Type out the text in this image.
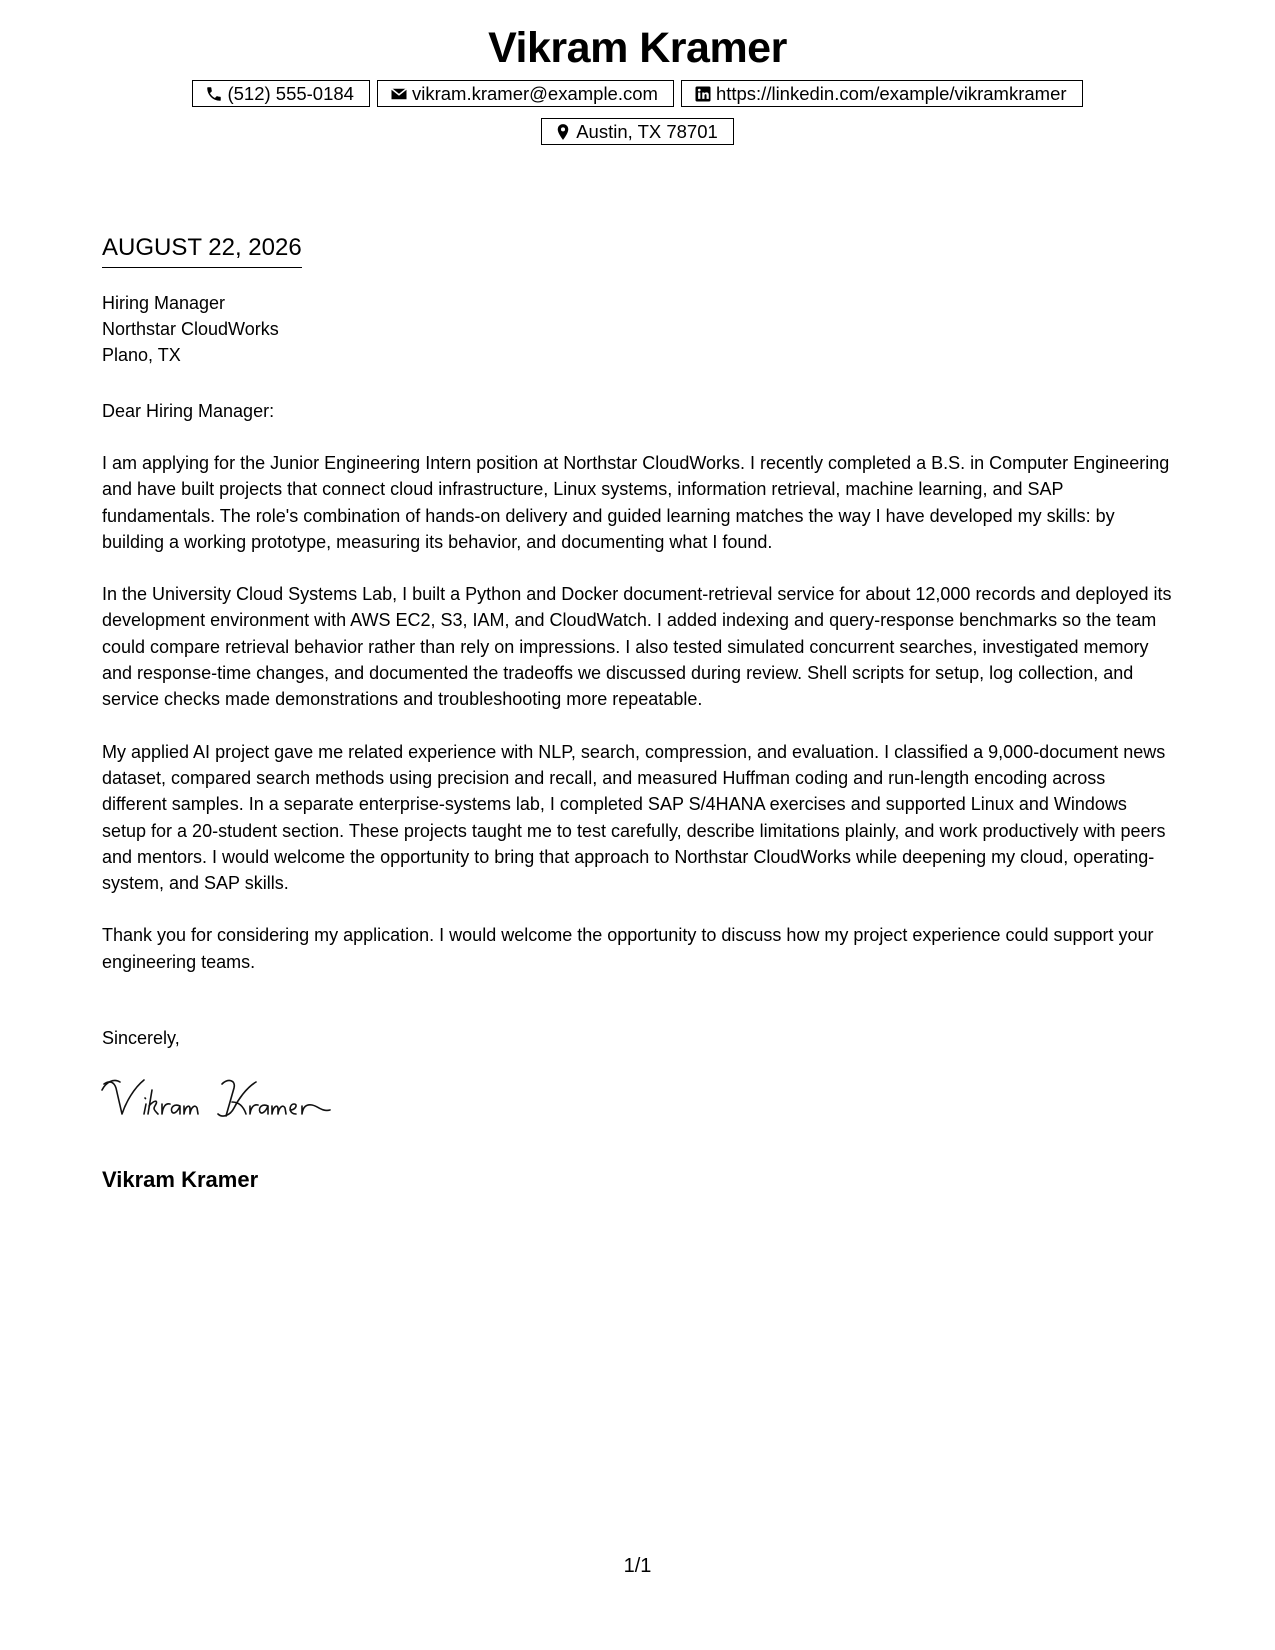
Vikram Kramer
(512) 555-0184	vikram.kramer@example.com	https://linkedin.com/example/vikramkramer
Austin, TX 78701
AUGUST 22, 2026
Hiring Manager
Northstar CloudWorks
Plano, TX
Dear Hiring Manager:

I am applying for the Junior Engineering Intern position at Northstar CloudWorks. I recently completed a B.S. in Computer Engineering and have built projects that connect cloud infrastructure, Linux systems, information retrieval, machine learning, and SAP fundamentals. The role's combination of hands-on delivery and guided learning matches the way I have developed my skills: by building a working prototype, measuring its behavior, and documenting what I found.

In the University Cloud Systems Lab, I built a Python and Docker document-retrieval service for about 12,000 records and deployed its development environment with AWS EC2, S3, IAM, and CloudWatch. I added indexing and query-response benchmarks so the team could compare retrieval behavior rather than rely on impressions. I also tested simulated concurrent searches, investigated memory and response-time changes, and documented the tradeoffs we discussed during review. Shell scripts for setup, log collection, and service checks made demonstrations and troubleshooting more repeatable.

My applied AI project gave me related experience with NLP, search, compression, and evaluation. I classified a 9,000-document news dataset, compared search methods using precision and recall, and measured Huffman coding and run-length encoding across different samples. In a separate enterprise-systems lab, I completed SAP S/4HANA exercises and supported Linux and Windows setup for a 20-student section. These projects taught me to test carefully, describe limitations plainly, and work productively with peers and mentors. I would welcome the opportunity to bring that approach to Northstar CloudWorks while deepening my cloud, operating-system, and SAP skills.

Thank you for considering my application. I would welcome the opportunity to discuss how my project experience could support your engineering teams.

Sincerely,
Vikram Kramer
1/1
